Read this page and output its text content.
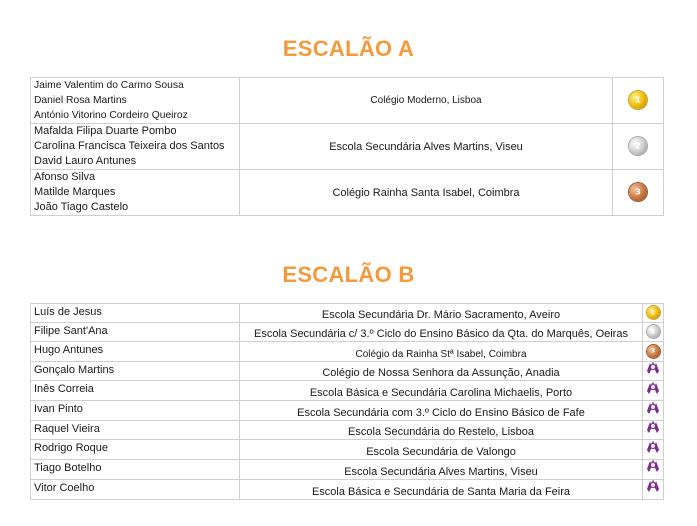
ESCALÃO A
Jaime Valentim do Carmo Sousa
Daniel Rosa Martins
António Vitorino Cordeiro Queiroz	Colégio Moderno, Lisboa	1

Mafalda Filipa Duarte Pombo
Carolina Francisca Teixeira dos Santos
David Lauro Antunes	Escola Secundária Alves Martins, Viseu	2

Afonso Silva
Matilde Marques
João Tiago Castelo	Colégio Rainha Santa Isabel, Coimbra	3
ESCALÃO B
Luís de Jesus	Escola Secundária Dr. Mário Sacramento, Aveiro	1

Filipe Sant'Ana	Escola Secundária c/ 3.º Ciclo do Ensino Básico da Qta. do Marquês, Oeiras	2

Hugo Antunes	Colégio da Rainha Stª Isabel, Coimbra	3

Gonçalo Martins	Colégio de Nossa Senhora da Assunção, Anadia	
Inês Correia	Escola Básica e Secundária Carolina Michaelis, Porto	
Ivan Pinto	Escola Secundária com 3.º Ciclo do Ensino Básico de Fafe	
Raquel Vieira	Escola Secundária do Restelo, Lisboa	
Rodrigo Roque	Escola Secundária de Valongo	
Tiago Botelho	Escola Secundária Alves Martins, Viseu	
Vitor Coelho	Escola Básica e Secundária de Santa Maria da Feira	
